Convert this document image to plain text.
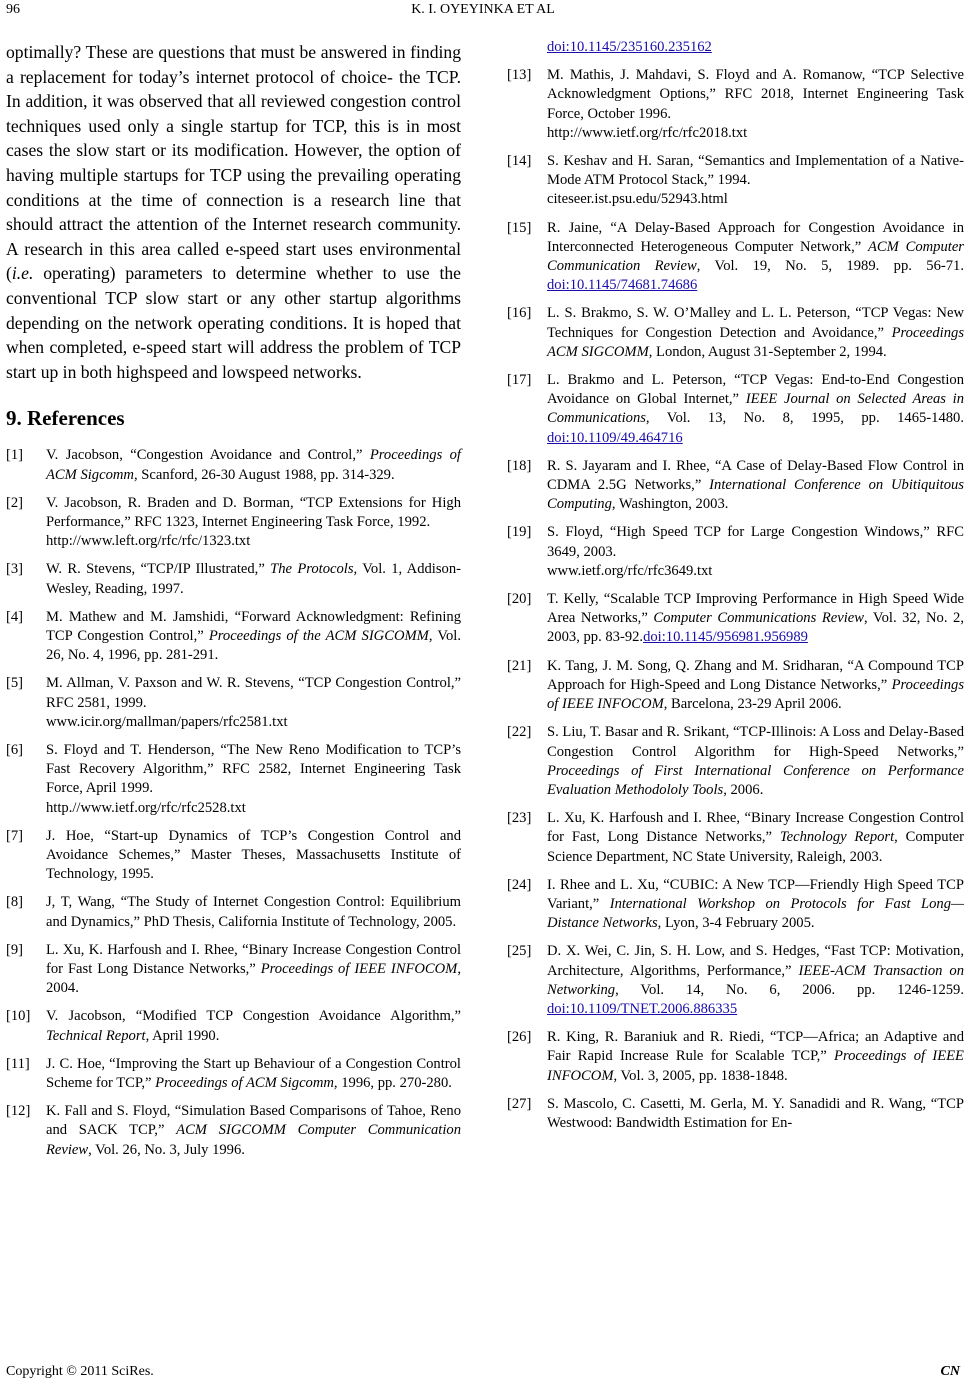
96	K. I. OYEYINKA ET AL

optimally? These are questions that must be answered in finding a replacement for today’s internet protocol of choice- the TCP. In addition, it was observed that all reviewed congestion control techniques used only a single startup for TCP, this is in most cases the slow start or its modification. However, the option of having multiple startups for TCP using the prevailing operating conditions at the time of connection is a research line that should attract the attention of the Internet research community. A research in this area called e-speed start uses environmental (i.e. operating) parameters to determine whether to use the conventional TCP slow start or any other startup algorithms depending on the network operating conditions. It is hoped that when completed, e-speed start will address the problem of TCP start up in both highspeed and lowspeed networks.

9. References
[1]	V. Jacobson, “Congestion Avoidance and Control,” Proceedings of ACM Sigcomm, Scanford, 26-30 August 1988, pp. 314-329.
[2]	V. Jacobson, R. Braden and D. Borman, “TCP Extensions for High Performance,” RFC 1323, Internet Engineering Task Force, 1992.
http://www.left.org/rfc/rfc/1323.txt
[3]	W. R. Stevens, “TCP/IP Illustrated,” The Protocols, Vol. 1, Addison-Wesley, Reading, 1997.
[4]	M. Mathew and M. Jamshidi, “Forward Acknowledgment: Refining TCP Congestion Control,” Proceedings of the ACM SIGCOMM, Vol. 26, No. 4, 1996, pp. 281-291.
[5]	M. Allman, V. Paxson and W. R. Stevens, “TCP Congestion Control,” RFC 2581, 1999.
www.icir.org/mallman/papers/rfc2581.txt
[6]	S. Floyd and T. Henderson, “The New Reno Modification to TCP’s Fast Recovery Algorithm,” RFC 2582, Internet Engineering Task Force, April 1999.
http.//www.ietf.org/rfc/rfc2528.txt
[7]	J. Hoe, “Start-up Dynamics of TCP’s Congestion Control and Avoidance Schemes,” Master Theses, Massachusetts Institute of Technology, 1995.
[8]	J, T, Wang, “The Study of Internet Congestion Control: Equilibrium and Dynamics,” PhD Thesis, California Institute of Technology, 2005.
[9]	L. Xu, K. Harfoush and I. Rhee, “Binary Increase Congestion Control for Fast Long Distance Networks,” Proceedings of IEEE INFOCOM, 2004.
[10]	V. Jacobson, “Modified TCP Congestion Avoidance Algorithm,” Technical Report, April 1990.
[11]	J. C. Hoe, “Improving the Start up Behaviour of a Congestion Control Scheme for TCP,” Proceedings of ACM Sigcomm, 1996, pp. 270-280.
[12]	K. Fall and S. Floyd, “Simulation Based Comparisons of Tahoe, Reno and SACK TCP,” ACM SIGCOMM Computer Communication Review, Vol. 26, No. 3, July 1996.
doi:10.1145/235160.235162
[13]	M. Mathis, J. Mahdavi, S. Floyd and A. Romanow, “TCP Selective Acknowledgment Options,” RFC 2018, Internet Engineering Task Force, October 1996.
http://www.ietf.org/rfc/rfc2018.txt
[14]	S. Keshav and H. Saran, “Semantics and Implementation of a Native-Mode ATM Protocol Stack,” 1994.
citeseer.ist.psu.edu/52943.html
[15]	R. Jaine, “A Delay-Based Approach for Congestion Avoidance in Interconnected Heterogeneous Computer Network,” ACM Computer Communication Review, Vol. 19, No. 5, 1989. pp. 56-71. doi:10.1145/74681.74686
[16]	L. S. Brakmo, S. W. O’Malley and L. L. Peterson, “TCP Vegas: New Techniques for Congestion Detection and Avoidance,” Proceedings ACM SIGCOMM, London, August 31-September 2, 1994.
[17]	L. Brakmo and L. Peterson, “TCP Vegas: End-to-End Congestion Avoidance on Global Internet,” IEEE Journal on Selected Areas in Communications, Vol. 13, No. 8, 1995, pp. 1465-1480. doi:10.1109/49.464716
[18]	R. S. Jayaram and I. Rhee, “A Case of Delay-Based Flow Control in CDMA 2.5G Networks,” International Conference on Ubitiquitous Computing, Washington, 2003.
[19]	S. Floyd, “High Speed TCP for Large Congestion Windows,” RFC 3649, 2003.
www.ietf.org/rfc/rfc3649.txt
[20]	T. Kelly, “Scalable TCP Improving Performance in High Speed Wide Area Networks,” Computer Communications Review, Vol. 32, No. 2, 2003, pp. 83-92.doi:10.1145/956981.956989
[21]	K. Tang, J. M. Song, Q. Zhang and M. Sridharan, “A Compound TCP Approach for High-Speed and Long Distance Networks,” Proceedings of IEEE INFOCOM, Barcelona, 23-29 April 2006.
[22]	S. Liu, T. Basar and R. Srikant, “TCP-Illinois: A Loss and Delay-Based Congestion Control Algorithm for High-Speed Networks,” Proceedings of First International Conference on Performance Evaluation Methodololy Tools, 2006.
[23]	L. Xu, K. Harfoush and I. Rhee, “Binary Increase Congestion Control for Fast, Long Distance Networks,” Technology Report, Computer Science Department, NC State University, Raleigh, 2003.
[24]	I. Rhee and L. Xu, “CUBIC: A New TCP—Friendly High Speed TCP Variant,” International Workshop on Protocols for Fast Long—Distance Networks, Lyon, 3-4 February 2005.
[25]	D. X. Wei, C. Jin, S. H. Low, and S. Hedges, “Fast TCP: Motivation, Architecture, Algorithms, Performance,” IEEE-ACM Transaction on Networking, Vol. 14, No. 6, 2006. pp. 1246-1259. doi:10.1109/TNET.2006.886335
[26]	R. King, R. Baraniuk and R. Riedi, “TCP—Africa; an Adaptive and Fair Rapid Increase Rule for Scalable TCP,” Proceedings of IEEE INFOCOM, Vol. 3, 2005, pp. 1838-1848.
[27]	S. Mascolo, C. Casetti, M. Gerla, M. Y. Sanadidi and R. Wang, “TCP Westwood: Bandwidth Estimation for En-
Copyright © 2011 SciRes.	CN
